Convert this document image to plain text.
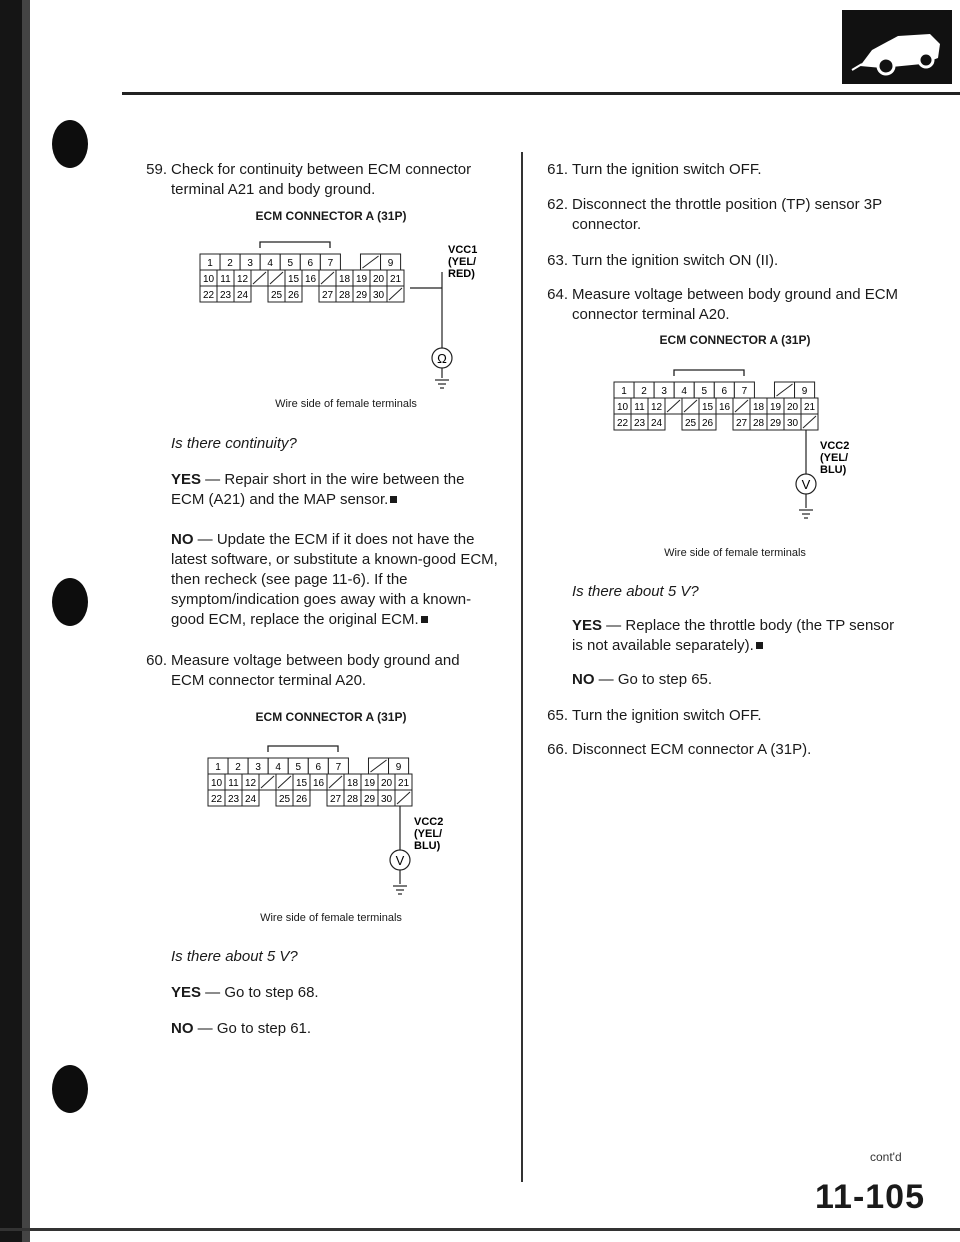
59. Check for continuity between ECM connector terminal A21 and body ground.
ECM CONNECTOR A (31P)
1 2 3 4 5 6 7	9
10 11 12	15 16 18 19 20 21
22 23 24 25 26 27 28 29 30
Ω
VCC1
(YEL/
RED)
Wire side of female terminals
Is there continuity?
YES — Repair short in the wire between the ECM (A21) and the MAP sensor.
NO — Update the ECM if it does not have the latest software, or substitute a known-good ECM, then recheck (see page 11-6). If the symptom/indication goes away with a known-good ECM, replace the original ECM.
60. Measure voltage between body ground and ECM connector terminal A20.
ECM CONNECTOR A (31P)
1 2 3 4 5 6 7	9
10 11 12	15 16 18 19 20 21
22 23 24 25 26 27 28 29 30
V
VCC2
(YEL/
BLU)
Wire side of female terminals
Is there about 5 V?
YES — Go to step 68.
NO — Go to step 61.
61. Turn the ignition switch OFF.
62. Disconnect the throttle position (TP) sensor 3P connector.
63. Turn the ignition switch ON (II).
64. Measure voltage between body ground and ECM connector terminal A20.
ECM CONNECTOR A (31P)
1 2 3 4 5 6 7	9
10 11 12	15 16 18 19 20 21
22 23 24 25 26 27 28 29 30
V
VCC2
(YEL/
BLU)
Wire side of female terminals
Is there about 5 V?
YES — Replace the throttle body (the TP sensor is not available separately).
NO — Go to step 65.
65. Turn the ignition switch OFF.
66. Disconnect ECM connector A (31P).
cont'd
11-105
